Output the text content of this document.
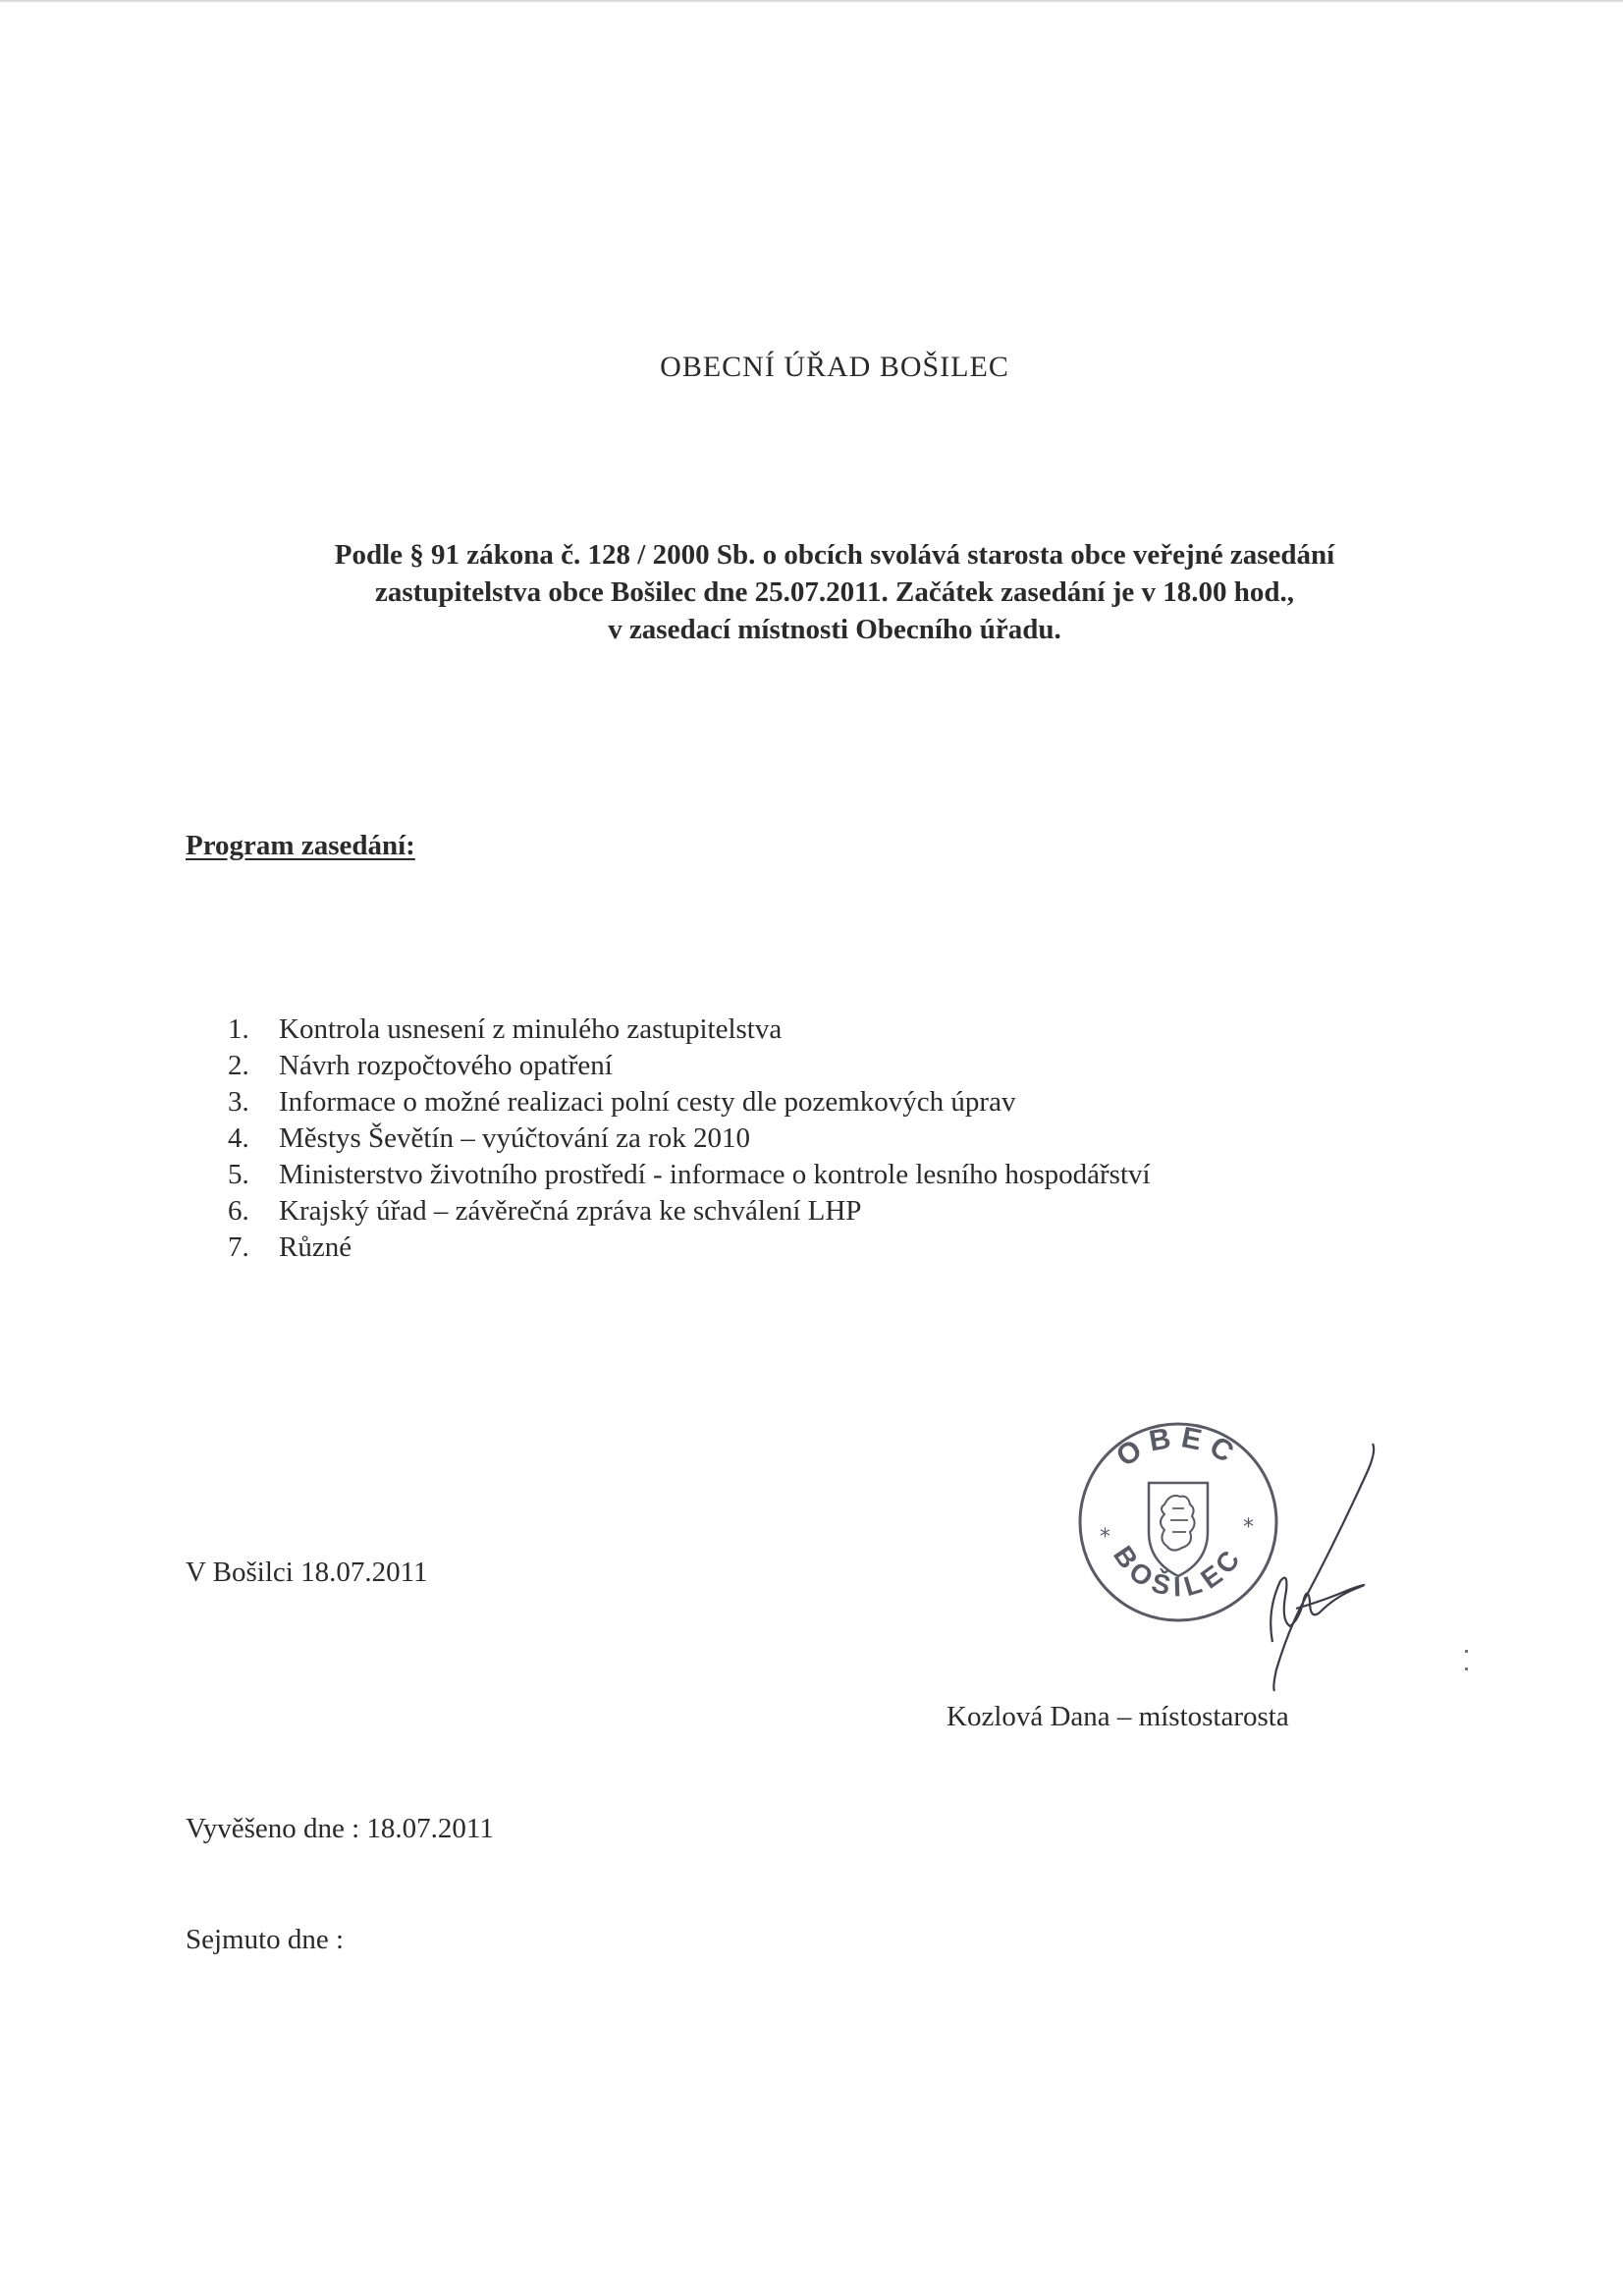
OBECNÍ ÚŘAD BOŠILEC
Podle § 91 zákona č. 128 / 2000 Sb. o obcích svolává starosta obce veřejné zasedání
zastupitelstva obce Bošilec dne 25.07.2011. Začátek zasedání je v 18.00 hod.,
v zasedací místnosti Obecního úřadu.
Program zasedání:
1. Kontrola usnesení z minulého zastupitelstva
2. Návrh rozpočtového opatření
3. Informace o možné realizaci polní cesty dle pozemkových úprav
4. Městys Ševětín – vyúčtování za rok 2010
5. Ministerstvo životního prostředí - informace o kontrole lesního hospodářství
6. Krajský úřad – závěrečná zpráva ke schválení LHP
7. Různé
V Bošilci 18.07.2011
OBEC
BOŠILEC
*	*
Kozlová Dana – místostarosta
Vyvěšeno dne : 18.07.2011
Sejmuto dne :
